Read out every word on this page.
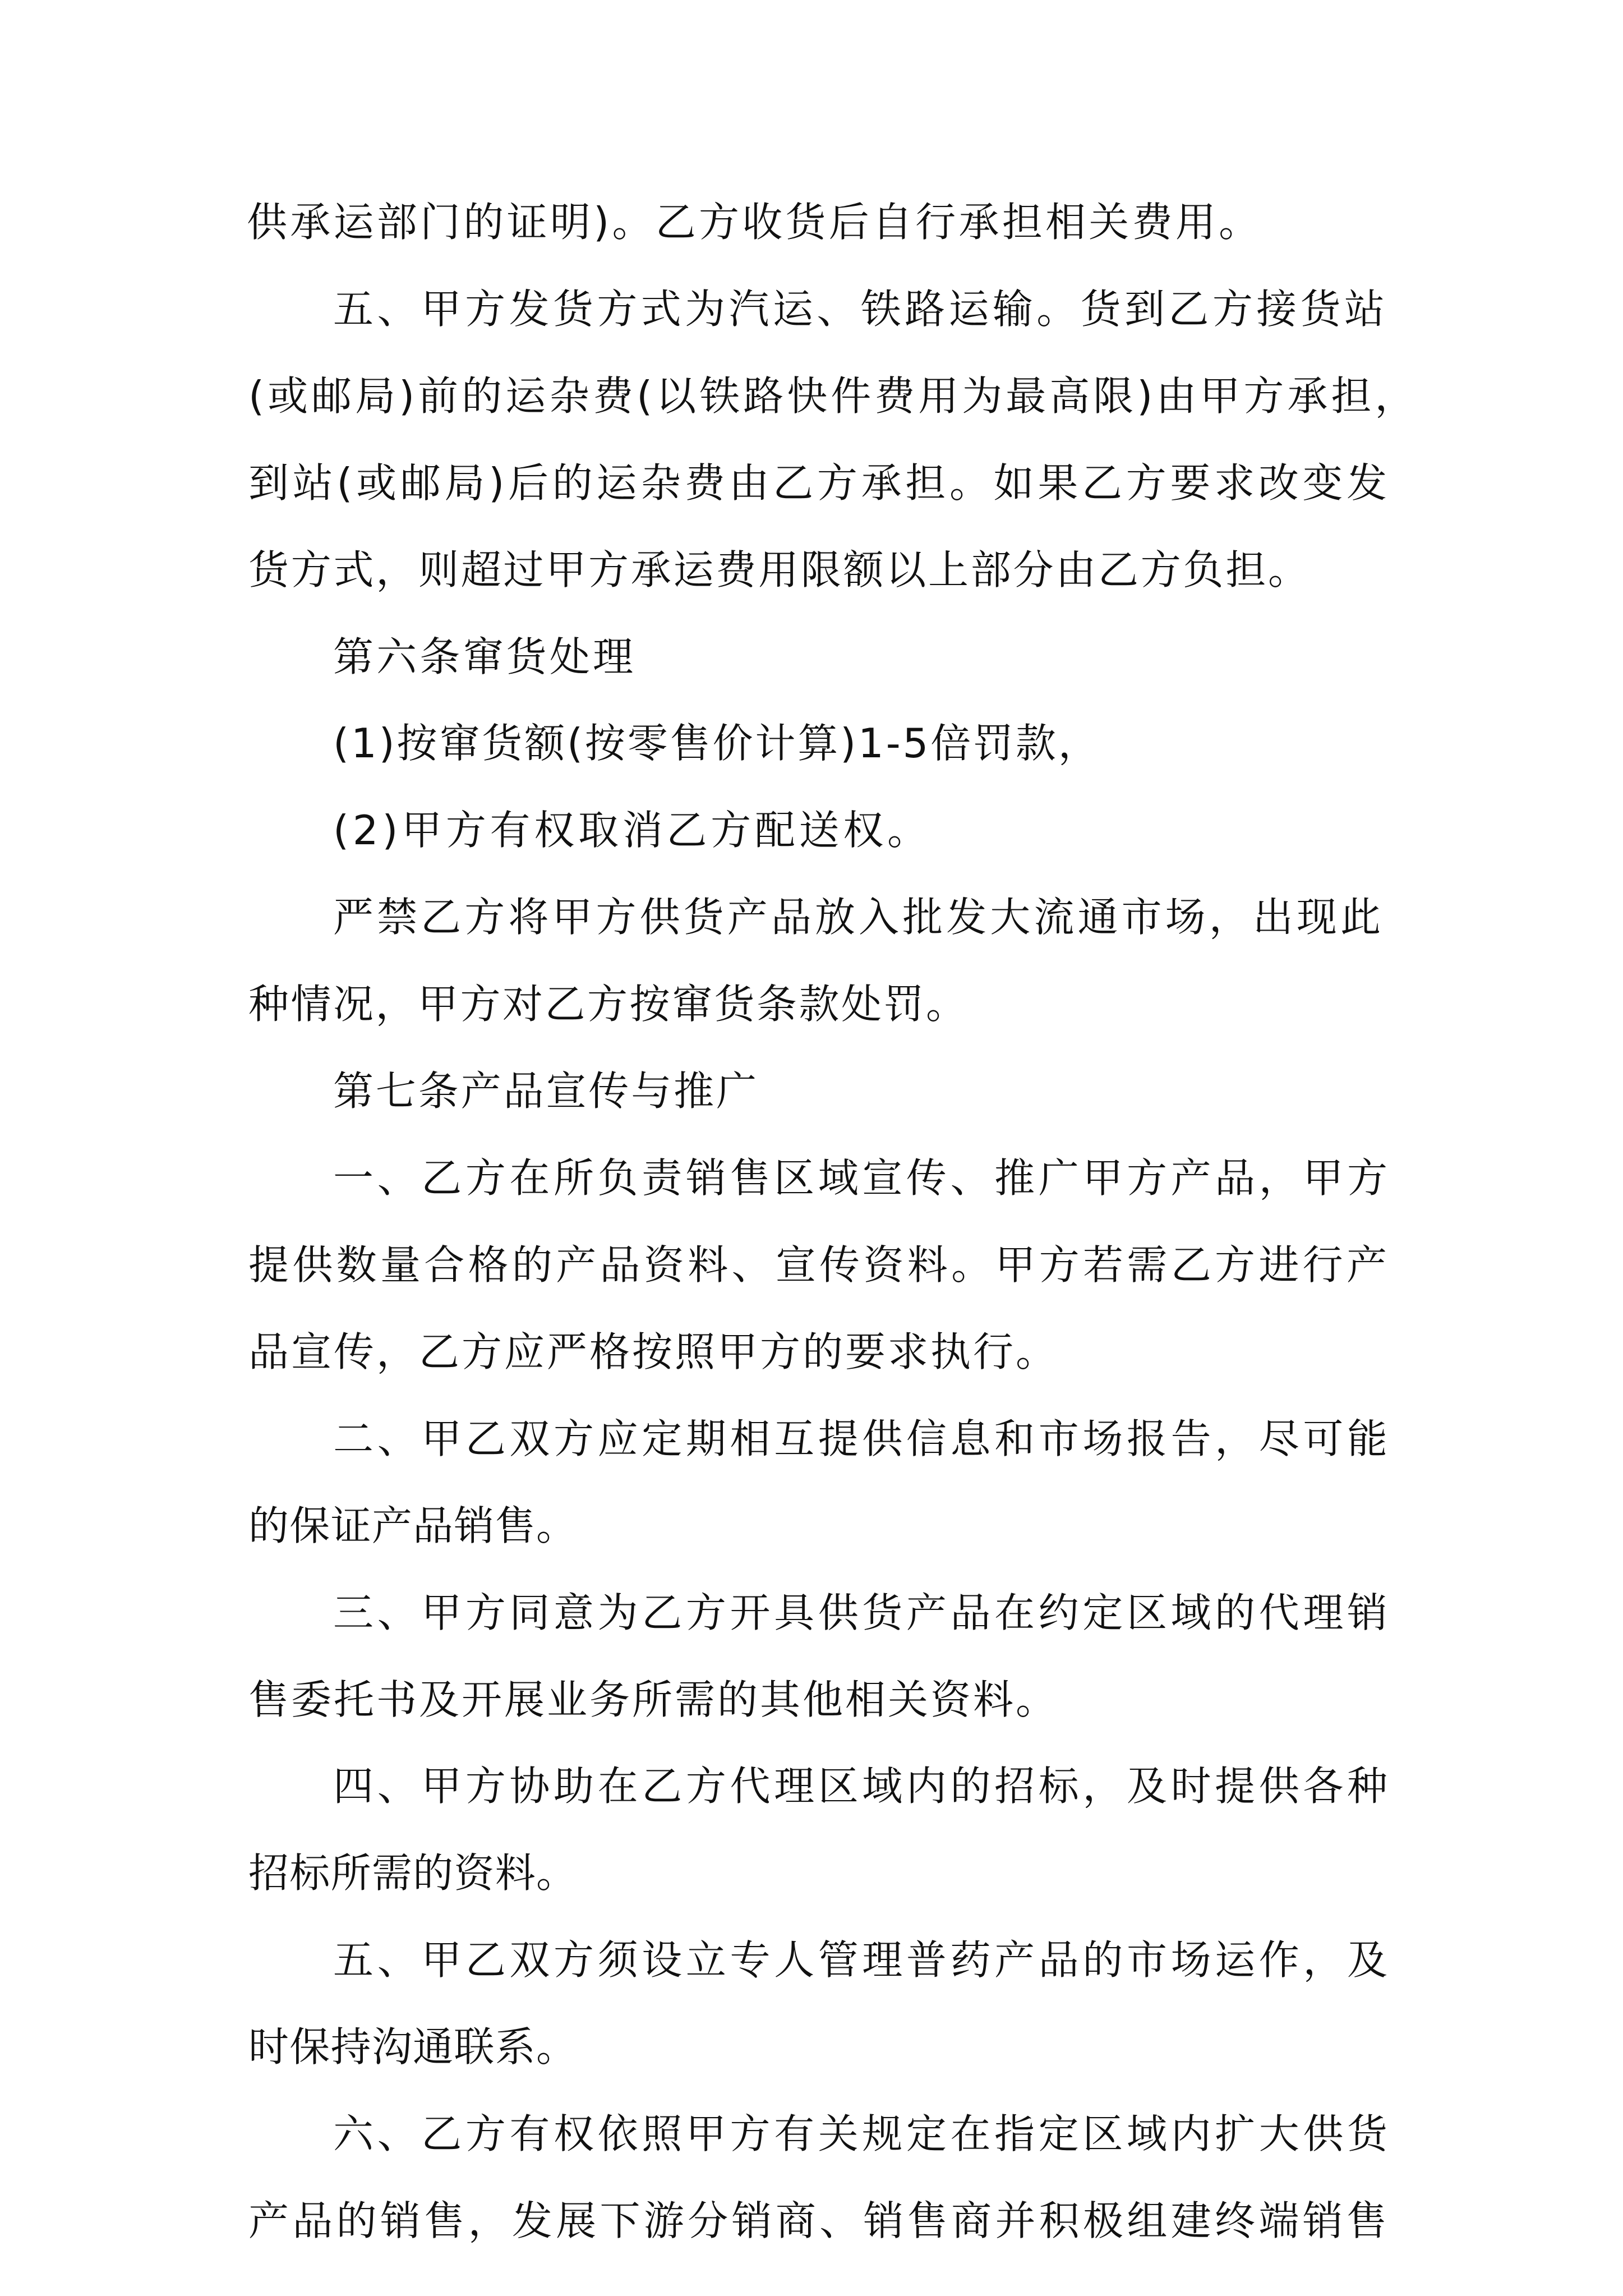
供承运部门的证明)。乙方收货后自行承担相关费用。

五、甲方发货方式为汽运、铁路运输。货到乙方接货站

(或邮局)前的运杂费(以铁路快件费用为最高限)由甲方承担，

到站(或邮局)后的运杂费由乙方承担。如果乙方要求改变发

货方式，则超过甲方承运费用限额以上部分由乙方负担。

第六条窜货处理

(1)按窜货额(按零售价计算)1-5倍罚款，

(2)甲方有权取消乙方配送权。

严禁乙方将甲方供货产品放入批发大流通市场，出现此

种情况，甲方对乙方按窜货条款处罚。

第七条产品宣传与推广

一、乙方在所负责销售区域宣传、推广甲方产品，甲方

提供数量合格的产品资料、宣传资料。甲方若需乙方进行产

品宣传，乙方应严格按照甲方的要求执行。

二、甲乙双方应定期相互提供信息和市场报告，尽可能

的保证产品销售。

三、甲方同意为乙方开具供货产品在约定区域的代理销

售委托书及开展业务所需的其他相关资料。

四、甲方协助在乙方代理区域内的招标，及时提供各种

招标所需的资料。

五、甲乙双方须设立专人管理普药产品的市场运作，及

时保持沟通联系。

六、乙方有权依照甲方有关规定在指定区域内扩大供货

产品的销售，发展下游分销商、销售商并积极组建终端销售
